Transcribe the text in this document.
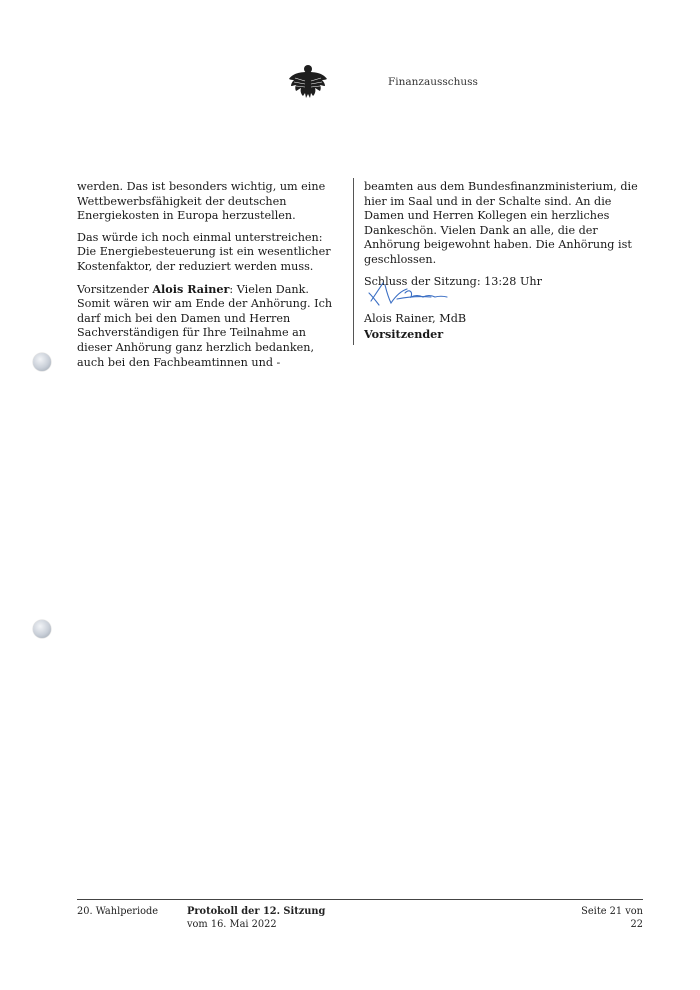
Finanzausschuss

werden. Das ist besonders wichtig, um eine Wettbewerbsfähigkeit der deutschen Energiekosten in Europa herzustellen.

Das würde ich noch einmal unterstreichen: Die Energiebesteuerung ist ein wesentlicher Kostenfaktor, der reduziert werden muss.

Vorsitzender Alois Rainer: Vielen Dank. Somit wären wir am Ende der Anhörung. Ich darf mich bei den Damen und Herren Sachverständigen für Ihre Teilnahme an dieser Anhörung ganz herzlich bedanken, auch bei den Fachbeamtinnen und -

beamten aus dem Bundesfinanzministerium, die hier im Saal und in der Schalte sind. An die Damen und Herren Kollegen ein herzliches Dankeschön. Vielen Dank an alle, die der Anhörung beigewohnt haben. Die Anhörung ist geschlossen.

Schluss der Sitzung: 13:28 Uhr

Alois Rainer, MdB
Vorsitzender
20. Wahlperiode	Protokoll der 12. Sitzung
vom 16. Mai 2022
Seite 21 von 22
